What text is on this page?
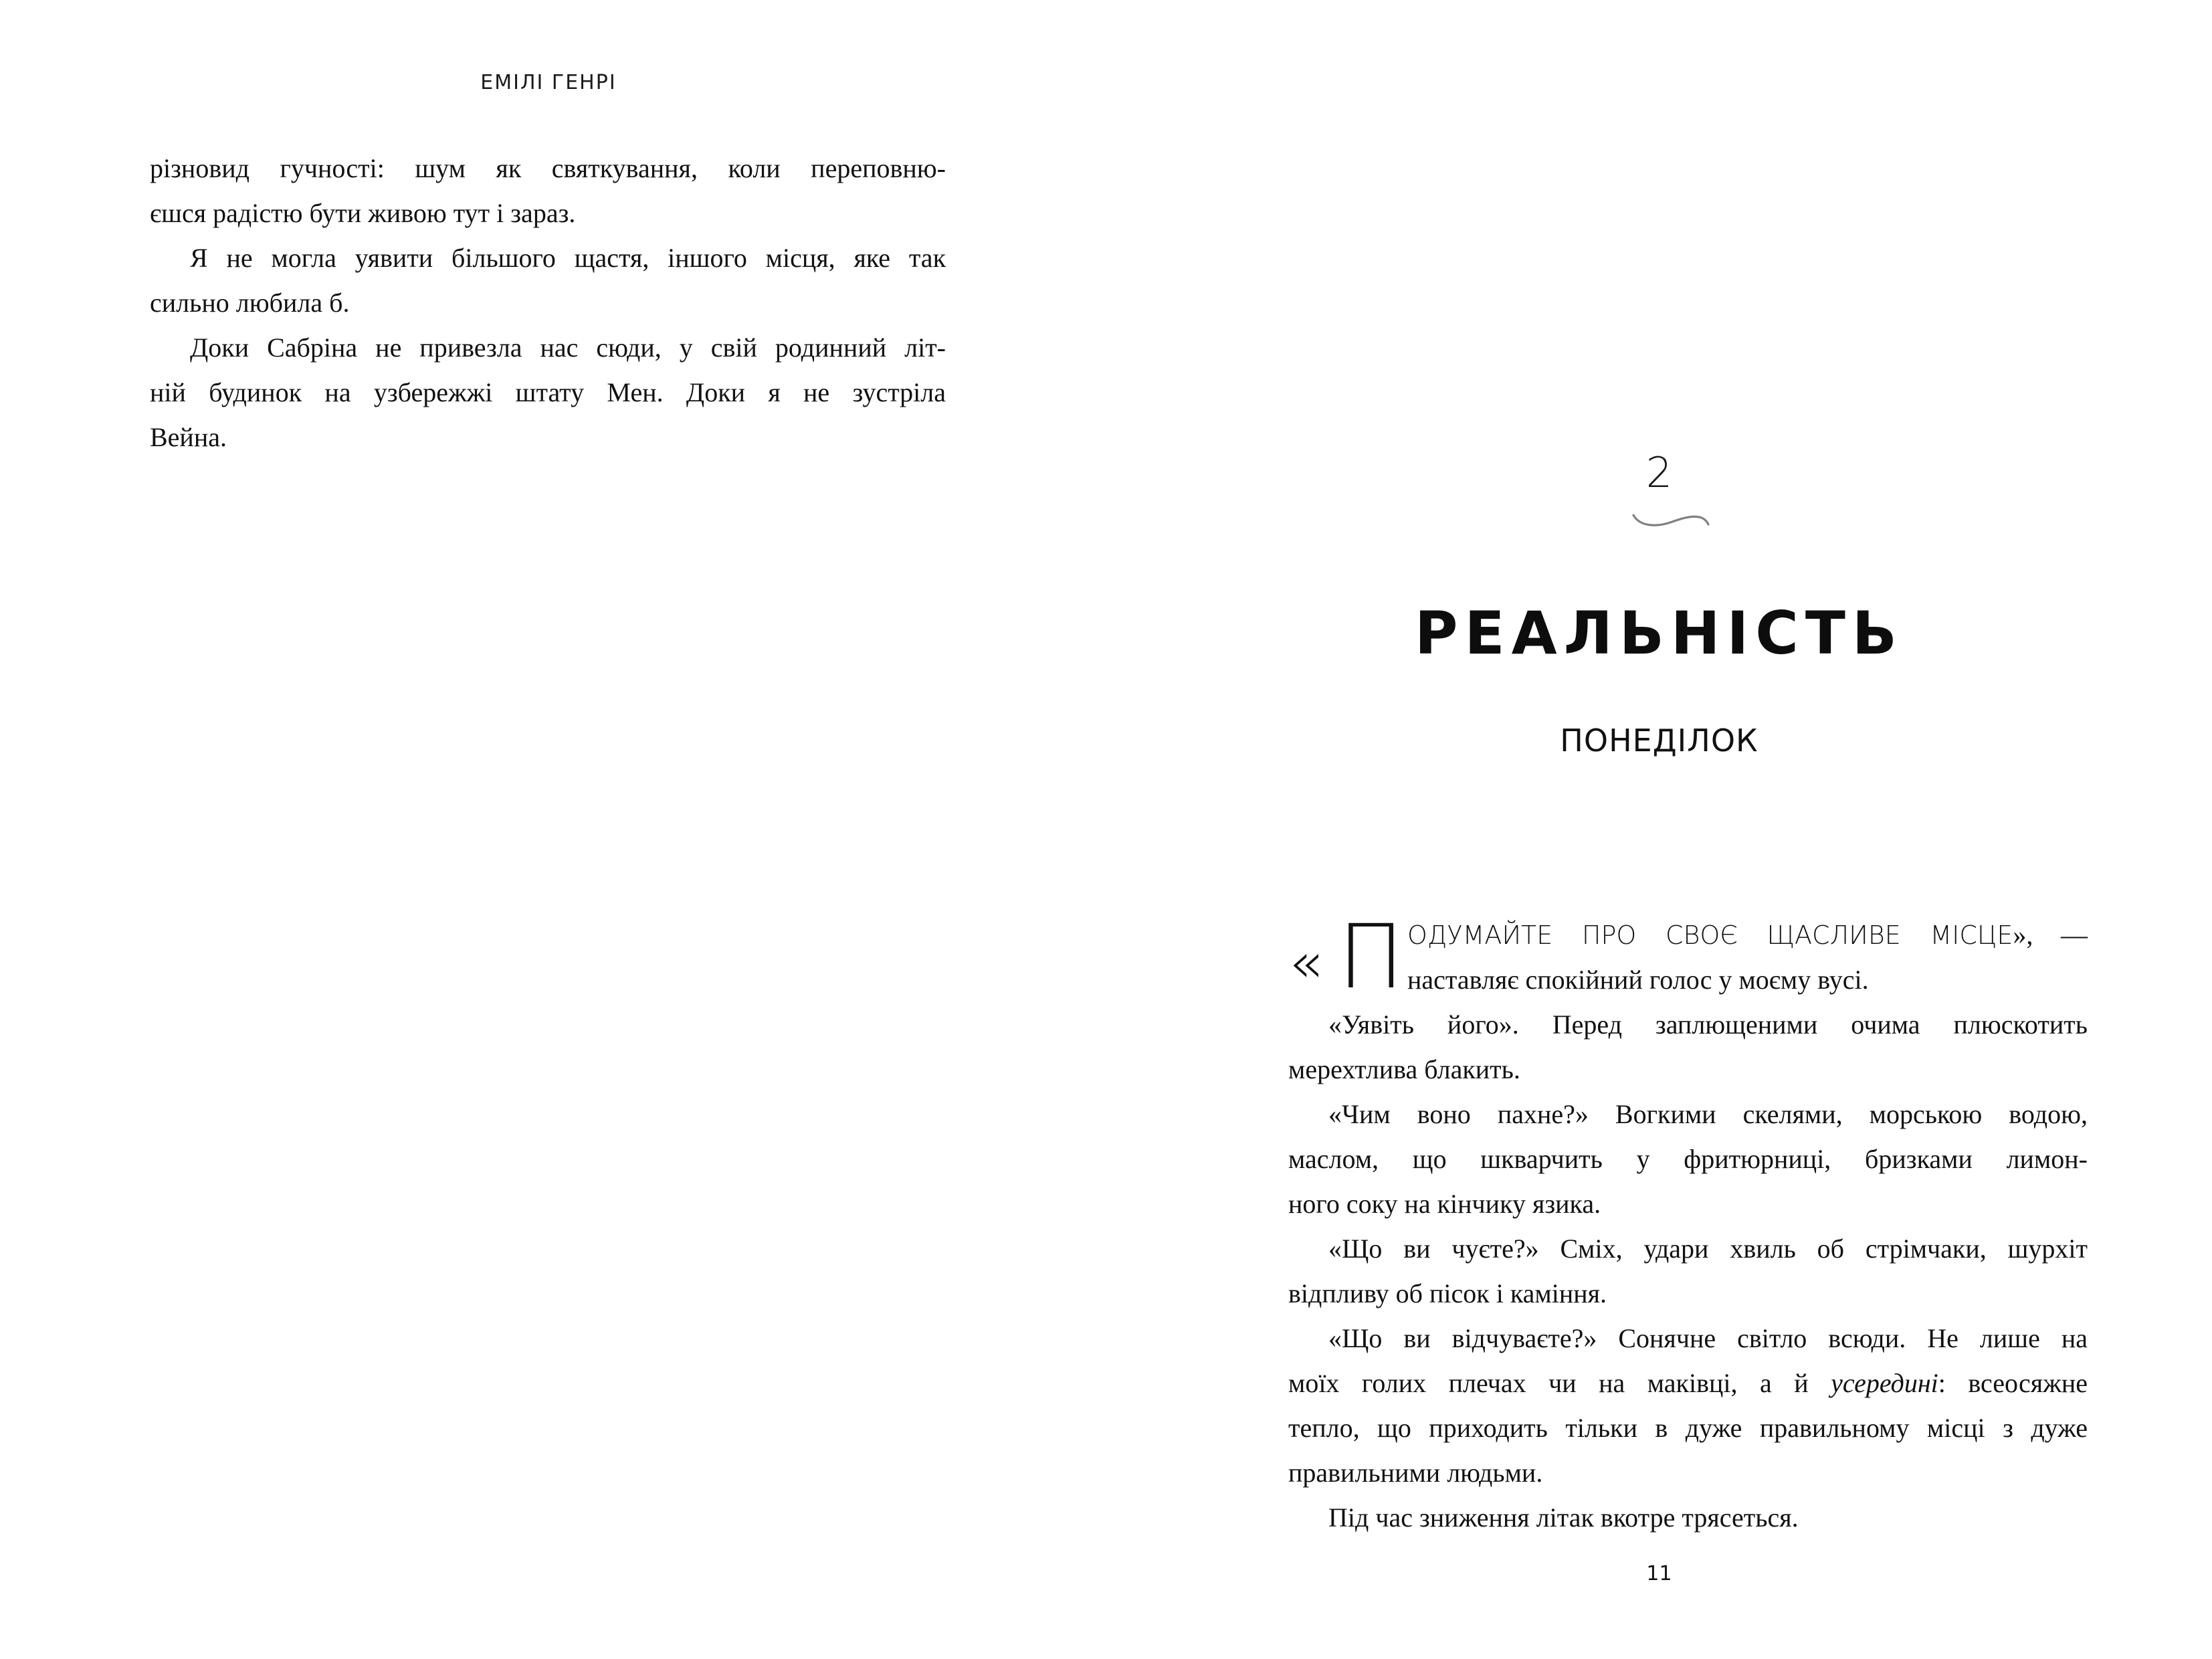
ЕМІЛІ ГЕНРІ
різновид гучності: шум як святкування, коли переповню-
єшся радістю бути живою тут і зараз.
Я не могла уявити більшого щастя, іншого місця, яке так
сильно любила б.
Доки Сабріна не привезла нас сюди, у свій родинний літ-
ній будинок на узбережжі штату Мен. Доки я не зустріла
Вейна.
2
РЕАЛЬНІСТЬ
ПОНЕДІЛОК
« П ОДУМАЙТЕ ПРО СВОЄ ЩАСЛИВЕ МІСЦЕ», —
наставляє спокійний голос у моєму вусі.
«Уявіть його». Перед заплющеними очима плюскотить
мерехтлива блакить.
«Чим воно пахне?» Вогкими скелями, морською водою,
маслом, що шкварчить у фритюрниці, бризками лимон-
ного соку на кінчику язика.
«Що ви чуєте?» Сміх, удари хвиль об стрімчаки, шурхіт
відпливу об пісок і каміння.
«Що ви відчуваєте?» Сонячне світло всюди. Не лише на
моїх голих плечах чи на маківці, а й усередині: всеосяжне
тепло, що приходить тільки в дуже правильному місці з дуже
правильними людьми.
Під час зниження літак вкотре трясеться.
11
